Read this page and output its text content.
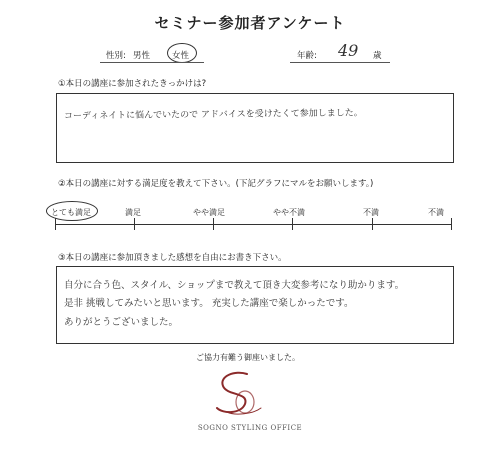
セミナー参加者アンケート
性別: 男性	女性	年齢: 49 歳
①本日の講座に参加されたきっかけは?
コーディネイトに悩んでいたので アドバイスを受けたくて参加しました。
②本日の講座に対する満足度を教えて下さい。(下記グラフにマルをお願いします。)
とても満足	満足	やや満足	やや不満	不満	不満
③本日の講座に参加頂きました感想を自由にお書き下さい。
自分に合う色、スタイル、ショップまで教えて頂き大変参考になり助かります。
是非 挑戦してみたいと思います。 充実した講座で楽しかったです。
ありがとうございました。
ご協力有難う御座いました。
SOGNO STYLING OFFICE
